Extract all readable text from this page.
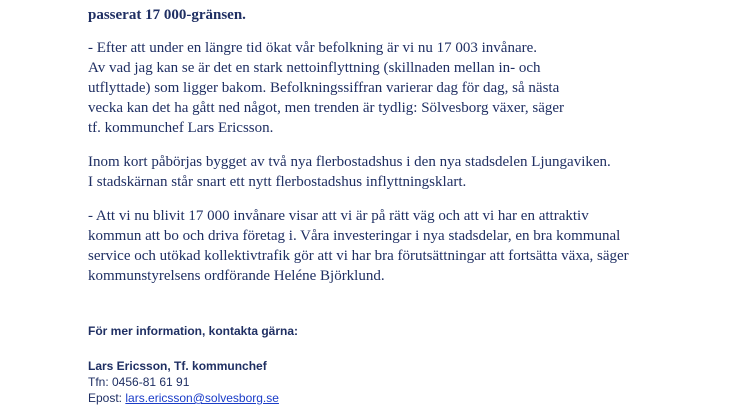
passerat 17 000-gränsen.
- Efter att under en längre tid ökat vår befolkning är vi nu 17 003 invånare.
Av vad jag kan se är det en stark nettoinflyttning (skillnaden mellan in- och
utflyttade) som ligger bakom. Befolkningssiffran varierar dag för dag, så nästa
vecka kan det ha gått ned något, men trenden är tydlig: Sölvesborg växer, säger
tf. kommunchef Lars Ericsson.
Inom kort påbörjas bygget av två nya flerbostadshus i den nya stadsdelen Ljungaviken.
I stadskärnan står snart ett nytt flerbostadshus inflyttningsklart.
- Att vi nu blivit 17 000 invånare visar att vi är på rätt väg och att vi har en attraktiv
kommun att bo och driva företag i. Våra investeringar i nya stadsdelar, en bra kommunal
service och utökad kollektivtrafik gör att vi har bra förutsättningar att fortsätta växa, säger
kommunstyrelsens ordförande Heléne Björklund.
För mer information, kontakta gärna:
Lars Ericsson, Tf. kommunchef
Tfn: 0456-81 61 91
Epost: lars.ericsson@solvesborg.se
